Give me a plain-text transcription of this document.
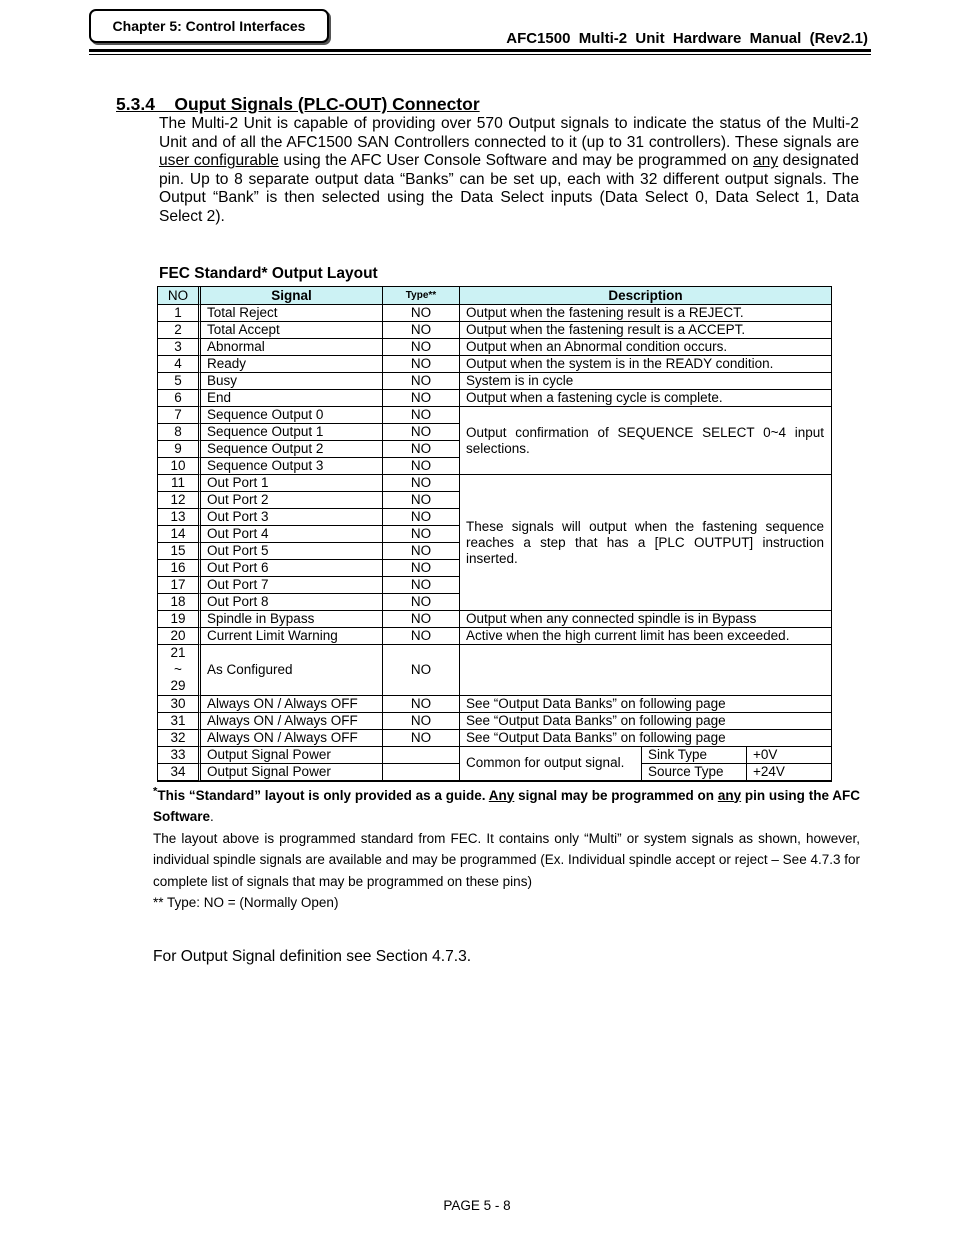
Chapter 5: Control Interfaces
AFC1500  Multi-2  Unit  Hardware  Manual  (Rev2.1)
5.3.4    Ouput Signals (PLC-OUT) Connector
The Multi-2 Unit is capable of providing over 570 Output signals to indicate the status of the Multi-2 Unit and of all the AFC1500 SAN Controllers connected to it (up to 31 controllers). These signals are user configurable using the AFC User Console Software and may be programmed on any designated pin. Up to 8 separate output data “Banks” can be set up, each with 32 different output signals. The Output “Bank” is then selected using the Data Select inputs (Data Select 0, Data Select 1, Data Select 2).
FEC Standard* Output Layout
NO	Signal	Type**	Description		
1	Total Reject	NO	Output when the fastening result is a REJECT.		
2	Total Accept	NO	Output when the fastening result is a ACCEPT.		
3	Abnormal	NO	Output when an Abnormal condition occurs.		
4	Ready	NO	Output when the system is in the READY condition.		
5	Busy	NO	System is in cycle		
6	End	NO	Output when a fastening cycle is complete.		
7	Sequence Output 0	NO	Output confirmation of SEQUENCE SELECT 0~4 input selections.		
8	Sequence Output 1	NO			
9	Sequence Output 2	NO			
10	Sequence Output 3	NO			
11	Out Port 1	NO	These signals will output when the fastening sequence reaches a step that has a [PLC OUTPUT] instruction inserted.		
12	Out Port 2	NO			
13	Out Port 3	NO			
14	Out Port 4	NO			
15	Out Port 5	NO			
16	Out Port 6	NO			
17	Out Port 7	NO			
18	Out Port 8	NO			
19	Spindle in Bypass	NO	Output when any connected spindle is in Bypass		
20	Current Limit Warning	NO	Active when the high current limit has been exceeded.		

21
~
29	As Configured	NO			
30	Always ON / Always OFF	NO	See “Output Data Banks” on following page		
31	Always ON / Always OFF	NO	See “Output Data Banks” on following page		
32	Always ON / Always OFF	NO	See “Output Data Banks” on following page		
33	Output Signal Power		Common for output signal.	Sink Type	+0V
34	Output Signal Power			Source Type	+24V
*This “Standard” layout is only provided as a guide. Any signal may be programmed on any pin using the AFC Software.
The layout above is programmed standard from FEC. It contains only “Multi” or system signals as shown, however, individual spindle signals are available and may be programmed (Ex. Individual spindle accept or reject – See 4.7.3 for complete list of signals that may be programmed on these pins)
** Type: NO = (Normally Open)
For Output Signal definition see Section 4.7.3.
PAGE 5 - 8
